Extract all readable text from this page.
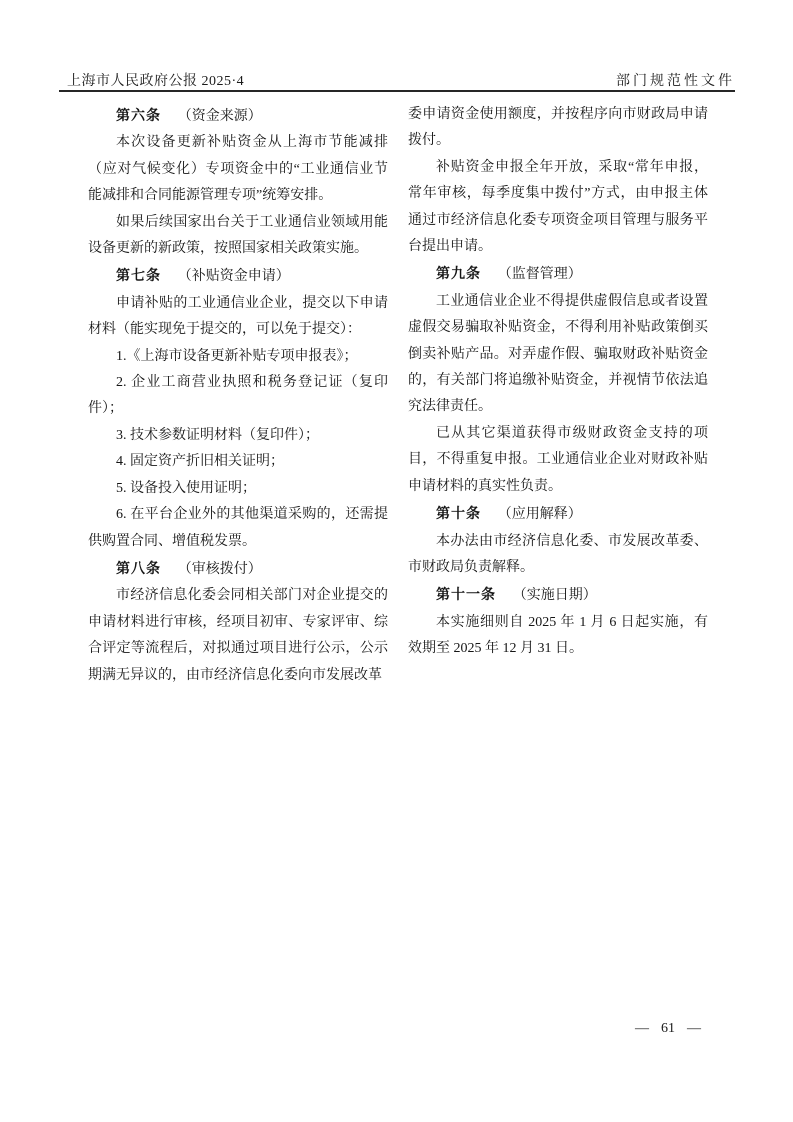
上海市人民政府公报 2025·4	部门规范性文件

第六条 （资金来源）

本次设备更新补贴资金从上海市节能减排（应对气候变化）专项资金中的“工业通信业节能减排和合同能源管理专项”统筹安排。

如果后续国家出台关于工业通信业领域用能设备更新的新政策，按照国家相关政策实施。

第七条 （补贴资金申请）

申请补贴的工业通信业企业，提交以下申请材料（能实现免于提交的，可以免于提交）：

1.《上海市设备更新补贴专项申报表》；

2. 企业工商营业执照和税务登记证（复印件）；

3. 技术参数证明材料（复印件）；

4. 固定资产折旧相关证明；

5. 设备投入使用证明；

6. 在平台企业外的其他渠道采购的，还需提供购置合同、增值税发票。

第八条 （审核拨付）

市经济信息化委会同相关部门对企业提交的申请材料进行审核，经项目初审、专家评审、综合评定等流程后，对拟通过项目进行公示，公示期满无异议的，由市经济信息化委向市发展改革

委申请资金使用额度，并按程序向市财政局申请拨付。

补贴资金申报全年开放，采取“常年申报，常年审核，每季度集中拨付”方式，由申报主体通过市经济信息化委专项资金项目管理与服务平台提出申请。

第九条 （监督管理）

工业通信业企业不得提供虚假信息或者设置虚假交易骗取补贴资金，不得利用补贴政策倒买倒卖补贴产品。对弄虚作假、骗取财政补贴资金的，有关部门将追缴补贴资金，并视情节依法追究法律责任。

已从其它渠道获得市级财政资金支持的项目，不得重复申报。工业通信业企业对财政补贴申请材料的真实性负责。

第十条 （应用解释）

本办法由市经济信息化委、市发展改革委、市财政局负责解释。

第十一条 （实施日期）

本实施细则自 2025 年 1 月 6 日起实施，有效期至 2025 年 12 月 31 日。

— 61 —
